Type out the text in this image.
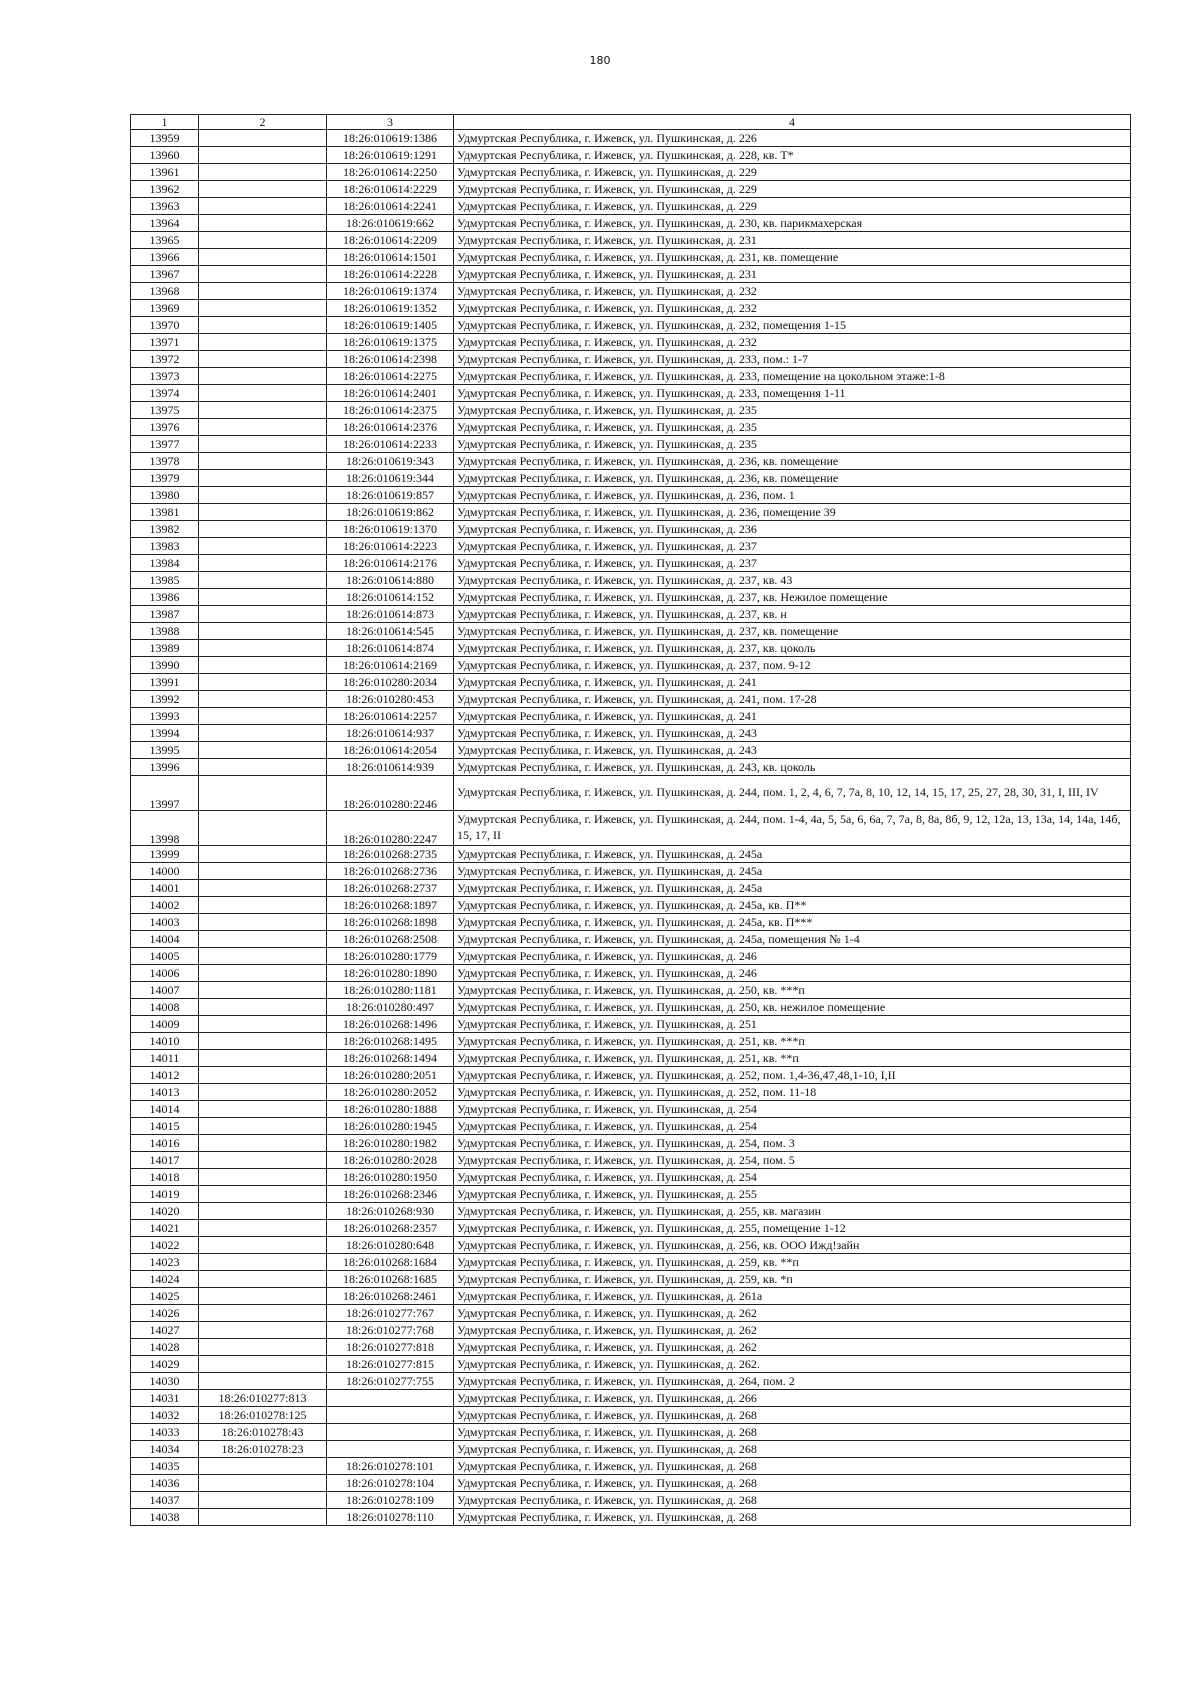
180
1	2	3	4
13959		18:26:010619:1386	Удмуртская Республика, г. Ижевск, ул. Пушкинская, д. 226
13960		18:26:010619:1291	Удмуртская Республика, г. Ижевск, ул. Пушкинская, д. 228, кв. Т*
13961		18:26:010614:2250	Удмуртская Республика, г. Ижевск, ул. Пушкинская, д. 229
13962		18:26:010614:2229	Удмуртская Республика, г. Ижевск, ул. Пушкинская, д. 229
13963		18:26:010614:2241	Удмуртская Республика, г. Ижевск, ул. Пушкинская, д. 229
13964		18:26:010619:662	Удмуртская Республика, г. Ижевск, ул. Пушкинская, д. 230, кв. парикмахерская
13965		18:26:010614:2209	Удмуртская Республика, г. Ижевск, ул. Пушкинская, д. 231
13966		18:26:010614:1501	Удмуртская Республика, г. Ижевск, ул. Пушкинская, д. 231, кв. помещение
13967		18:26:010614:2228	Удмуртская Республика, г. Ижевск, ул. Пушкинская, д. 231
13968		18:26:010619:1374	Удмуртская Республика, г. Ижевск, ул. Пушкинская, д. 232
13969		18:26:010619:1352	Удмуртская Республика, г. Ижевск, ул. Пушкинская, д. 232
13970		18:26:010619:1405	Удмуртская Республика, г. Ижевск, ул. Пушкинская, д. 232, помещения 1-15
13971		18:26:010619:1375	Удмуртская Республика, г. Ижевск, ул. Пушкинская, д. 232
13972		18:26:010614:2398	Удмуртская Республика, г. Ижевск, ул. Пушкинская, д. 233, пом.: 1-7
13973		18:26:010614:2275	Удмуртская Республика, г. Ижевск, ул. Пушкинская, д. 233, помещение на цокольном этаже:1-8
13974		18:26:010614:2401	Удмуртская Республика, г. Ижевск, ул. Пушкинская, д. 233, помещения 1-11
13975		18:26:010614:2375	Удмуртская Республика, г. Ижевск, ул. Пушкинская, д. 235
13976		18:26:010614:2376	Удмуртская Республика, г. Ижевск, ул. Пушкинская, д. 235
13977		18:26:010614:2233	Удмуртская Республика, г. Ижевск, ул. Пушкинская, д. 235
13978		18:26:010619:343	Удмуртская Республика, г. Ижевск, ул. Пушкинская, д. 236, кв. помещение
13979		18:26:010619:344	Удмуртская Республика, г. Ижевск, ул. Пушкинская, д. 236, кв. помещение
13980		18:26:010619:857	Удмуртская Республика, г. Ижевск, ул. Пушкинская, д. 236, пом. 1
13981		18:26:010619:862	Удмуртская Республика, г. Ижевск, ул. Пушкинская, д. 236, помещение 39
13982		18:26:010619:1370	Удмуртская Республика, г. Ижевск, ул. Пушкинская, д. 236
13983		18:26:010614:2223	Удмуртская Республика, г. Ижевск, ул. Пушкинская, д. 237
13984		18:26:010614:2176	Удмуртская Республика, г. Ижевск, ул. Пушкинская, д. 237
13985		18:26:010614:880	Удмуртская Республика, г. Ижевск, ул. Пушкинская, д. 237, кв. 43
13986		18:26:010614:152	Удмуртская Республика, г. Ижевск, ул. Пушкинская, д. 237, кв. Нежилое помещение
13987		18:26:010614:873	Удмуртская Республика, г. Ижевск, ул. Пушкинская, д. 237, кв. н
13988		18:26:010614:545	Удмуртская Республика, г. Ижевск, ул. Пушкинская, д. 237, кв. помещение
13989		18:26:010614:874	Удмуртская Республика, г. Ижевск, ул. Пушкинская, д. 237, кв. цоколь
13990		18:26:010614:2169	Удмуртская Республика, г. Ижевск, ул. Пушкинская, д. 237, пом. 9-12
13991		18:26:010280:2034	Удмуртская Республика, г. Ижевск, ул. Пушкинская, д. 241
13992		18:26:010280:453	Удмуртская Республика, г. Ижевск, ул. Пушкинская, д. 241, пом. 17-28
13993		18:26:010614:2257	Удмуртская Республика, г. Ижевск, ул. Пушкинская, д. 241
13994		18:26:010614:937	Удмуртская Республика, г. Ижевск, ул. Пушкинская, д. 243
13995		18:26:010614:2054	Удмуртская Республика, г. Ижевск, ул. Пушкинская, д. 243
13996		18:26:010614:939	Удмуртская Республика, г. Ижевск, ул. Пушкинская, д. 243, кв. цоколь
13997		18:26:010280:2246	Удмуртская Республика, г. Ижевск, ул. Пушкинская, д. 244, пом. 1, 2, 4, 6, 7, 7а, 8, 10, 12, 14, 15, 17, 25, 27, 28, 30, 31, I, III, IV
13998		18:26:010280:2247	Удмуртская Республика, г. Ижевск, ул. Пушкинская, д. 244, пом. 1-4, 4а, 5, 5а, 6, 6а, 7, 7а, 8, 8а, 8б, 9, 12, 12а, 13, 13а, 14, 14а, 14б, 15, 17, II
13999		18:26:010268:2735	Удмуртская Республика, г. Ижевск, ул. Пушкинская, д. 245а
14000		18:26:010268:2736	Удмуртская Республика, г. Ижевск, ул. Пушкинская, д. 245а
14001		18:26:010268:2737	Удмуртская Республика, г. Ижевск, ул. Пушкинская, д. 245а
14002		18:26:010268:1897	Удмуртская Республика, г. Ижевск, ул. Пушкинская, д. 245а, кв. П**
14003		18:26:010268:1898	Удмуртская Республика, г. Ижевск, ул. Пушкинская, д. 245а, кв. П***
14004		18:26:010268:2508	Удмуртская Республика, г. Ижевск, ул. Пушкинская, д. 245а, помещения № 1-4
14005		18:26:010280:1779	Удмуртская Республика, г. Ижевск, ул. Пушкинская, д. 246
14006		18:26:010280:1890	Удмуртская Республика, г. Ижевск, ул. Пушкинская, д. 246
14007		18:26:010280:1181	Удмуртская Республика, г. Ижевск, ул. Пушкинская, д. 250, кв. ***п
14008		18:26:010280:497	Удмуртская Республика, г. Ижевск, ул. Пушкинская, д. 250, кв. нежилое помещение
14009		18:26:010268:1496	Удмуртская Республика, г. Ижевск, ул. Пушкинская, д. 251
14010		18:26:010268:1495	Удмуртская Республика, г. Ижевск, ул. Пушкинская, д. 251, кв. ***п
14011		18:26:010268:1494	Удмуртская Республика, г. Ижевск, ул. Пушкинская, д. 251, кв. **п
14012		18:26:010280:2051	Удмуртская Республика, г. Ижевск, ул. Пушкинская, д. 252, пом. 1,4-36,47,48,1-10, I,II
14013		18:26:010280:2052	Удмуртская Республика, г. Ижевск, ул. Пушкинская, д. 252, пом. 11-18
14014		18:26:010280:1888	Удмуртская Республика, г. Ижевск, ул. Пушкинская, д. 254
14015		18:26:010280:1945	Удмуртская Республика, г. Ижевск, ул. Пушкинская, д. 254
14016		18:26:010280:1982	Удмуртская Республика, г. Ижевск, ул. Пушкинская, д. 254, пом. 3
14017		18:26:010280:2028	Удмуртская Республика, г. Ижевск, ул. Пушкинская, д. 254, пом. 5
14018		18:26:010280:1950	Удмуртская Республика, г. Ижевск, ул. Пушкинская, д. 254
14019		18:26:010268:2346	Удмуртская Республика, г. Ижевск, ул. Пушкинская, д. 255
14020		18:26:010268:930	Удмуртская Республика, г. Ижевск, ул. Пушкинская, д. 255, кв. магазин
14021		18:26:010268:2357	Удмуртская Республика, г. Ижевск, ул. Пушкинская, д. 255, помещение 1-12
14022		18:26:010280:648	Удмуртская Республика, г. Ижевск, ул. Пушкинская, д. 256, кв. ООО Ижд!зайн
14023		18:26:010268:1684	Удмуртская Республика, г. Ижевск, ул. Пушкинская, д. 259, кв. **п
14024		18:26:010268:1685	Удмуртская Республика, г. Ижевск, ул. Пушкинская, д. 259, кв. *п
14025		18:26:010268:2461	Удмуртская Республика, г. Ижевск, ул. Пушкинская, д. 261а
14026		18:26:010277:767	Удмуртская Республика, г. Ижевск, ул. Пушкинская, д. 262
14027		18:26:010277:768	Удмуртская Республика, г. Ижевск, ул. Пушкинская, д. 262
14028		18:26:010277:818	Удмуртская Республика, г. Ижевск, ул. Пушкинская, д. 262
14029		18:26:010277:815	Удмуртская Республика, г. Ижевск, ул. Пушкинская, д. 262.
14030		18:26:010277:755	Удмуртская Республика, г. Ижевск, ул. Пушкинская, д. 264, пом. 2
14031	18:26:010277:813		Удмуртская Республика, г. Ижевск, ул. Пушкинская, д. 266
14032	18:26:010278:125		Удмуртская Республика, г. Ижевск, ул. Пушкинская, д. 268
14033	18:26:010278:43		Удмуртская Республика, г. Ижевск, ул. Пушкинская, д. 268
14034	18:26:010278:23		Удмуртская Республика, г. Ижевск, ул. Пушкинская, д. 268
14035		18:26:010278:101	Удмуртская Республика, г. Ижевск, ул. Пушкинская, д. 268
14036		18:26:010278:104	Удмуртская Республика, г. Ижевск, ул. Пушкинская, д. 268
14037		18:26:010278:109	Удмуртская Республика, г. Ижевск, ул. Пушкинская, д. 268
14038		18:26:010278:110	Удмуртская Республика, г. Ижевск, ул. Пушкинская, д. 268
